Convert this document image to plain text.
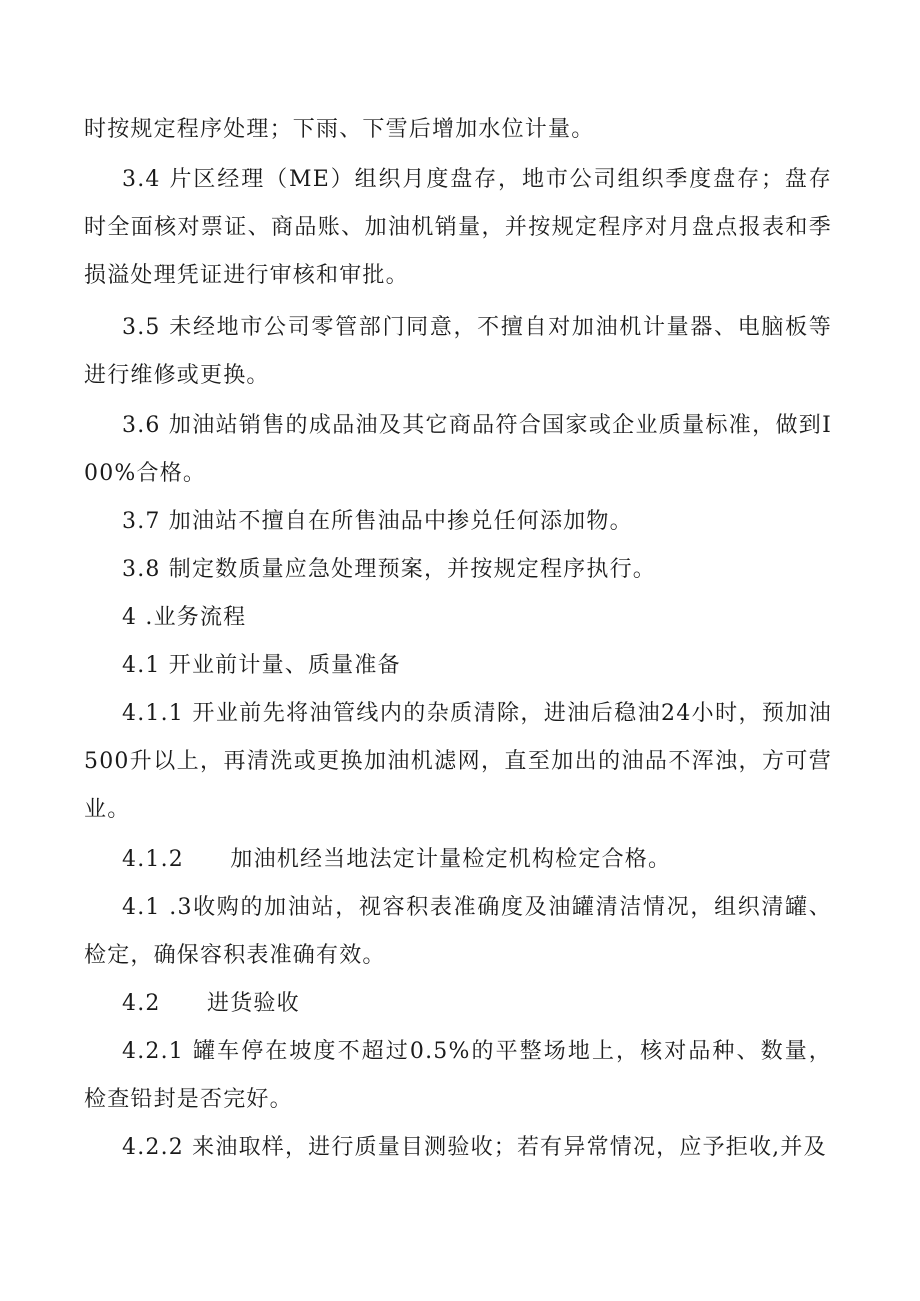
时按规定程序处理；下雨、下雪后增加水位计量。

3.4 片区经理（ME）组织月度盘存，地市公司组织季度盘存；盘存时全面核对票证、商品账、加油机销量，并按规定程序对月盘点报表和季损溢处理凭证进行审核和审批。

3.5 未经地市公司零管部门同意，不擅自对加油机计量器、电脑板等进行维修或更换。

3.6 加油站销售的成品油及其它商品符合国家或企业质量标准，做到I00%合格。

3.7 加油站不擅自在所售油品中掺兑任何添加物。

3.8 制定数质量应急处理预案，并按规定程序执行。

4 .业务流程

4.1 开业前计量、质量准备

4.1.1 开业前先将油管线内的杂质清除，进油后稳油24小时，预加油500升以上，再清洗或更换加油机滤网，直至加出的油品不浑浊，方可营业。

4.1.2　　加油机经当地法定计量检定机构检定合格。

4.1 .3收购的加油站，视容积表准确度及油罐清洁情况，组织清罐、检定，确保容积表准确有效。

4.2　　进货验收

4.2.1 罐车停在坡度不超过0.5%的平整场地上，核对品种、数量，检查铅封是否完好。

4.2.2 来油取样，进行质量目测验收；若有异常情况，应予拒收,并及
